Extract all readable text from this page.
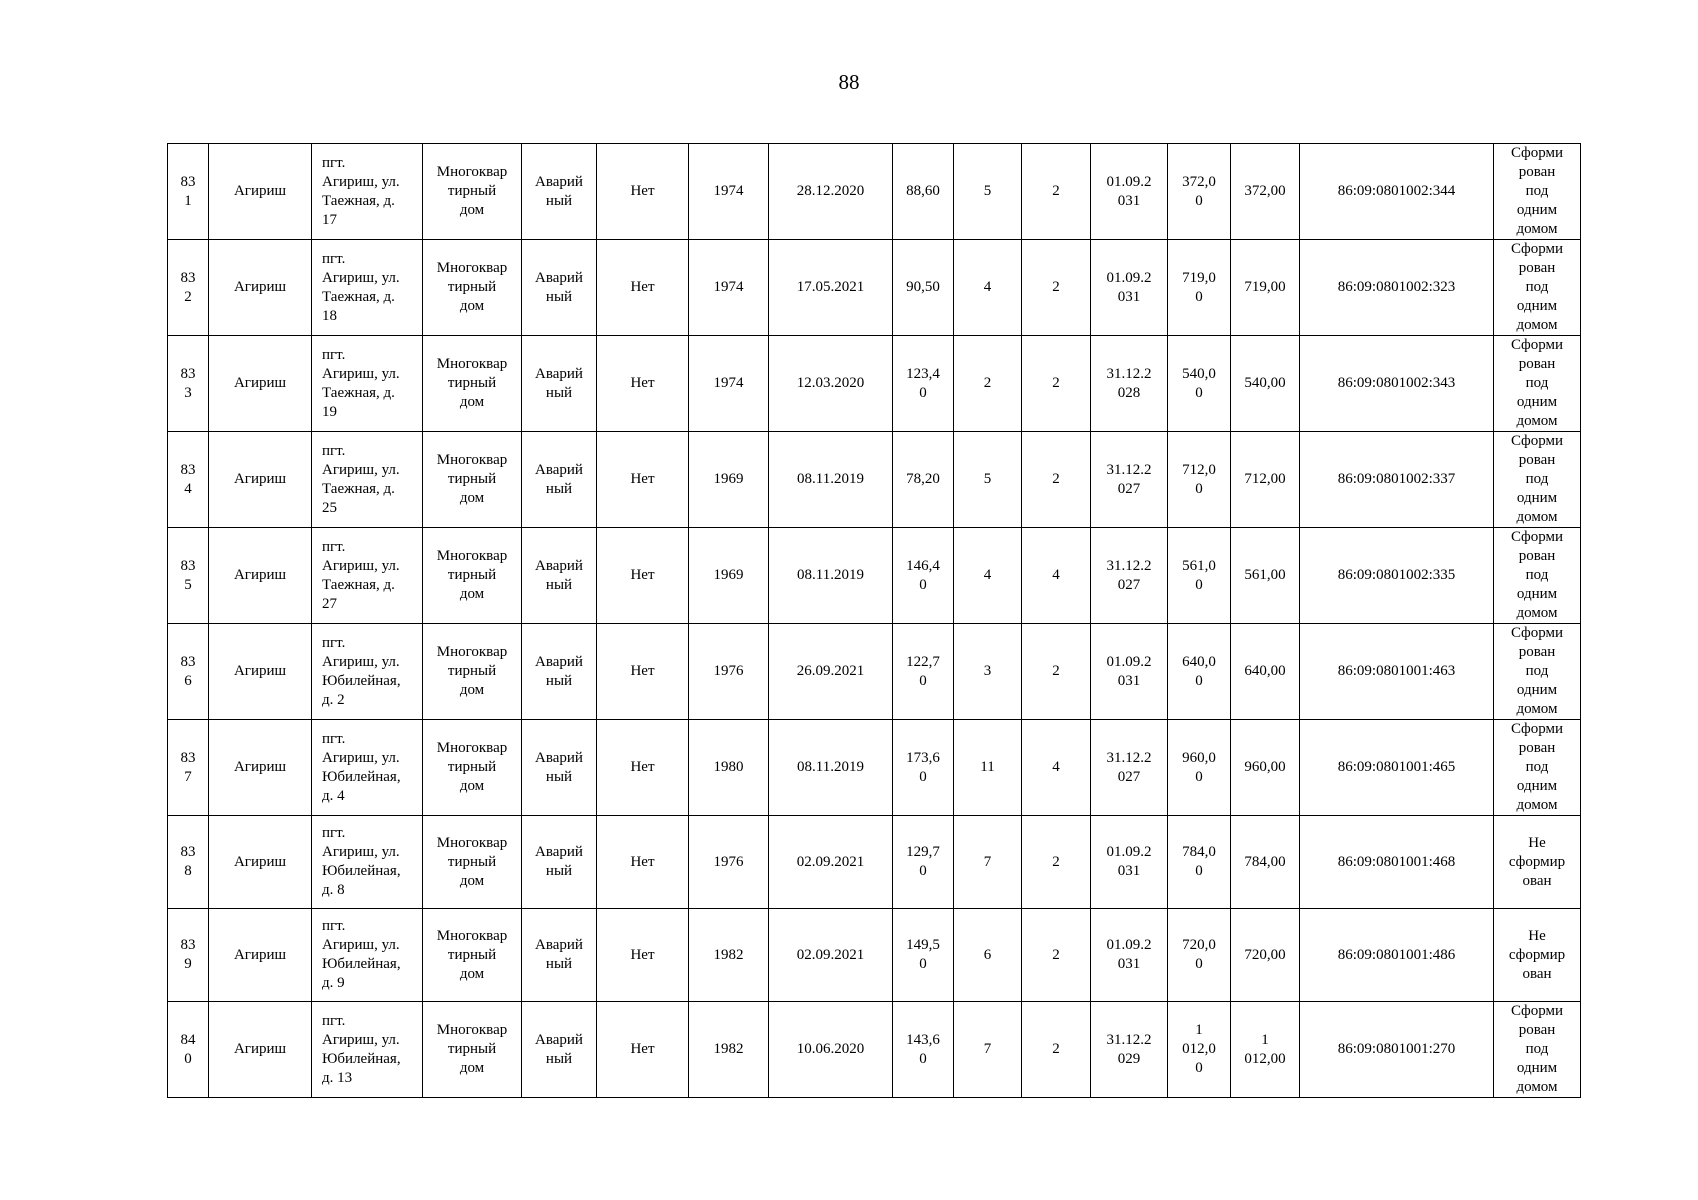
88
83
1	Агириш	пгт.
Агириш, ул.
Таежная, д.
17	Многоквар
тирный
дом	Аварий
ный	Нет	1974	28.12.2020	88,60	5	2	01.09.2
031	372,0
0	372,00	86:09:0801002:344	Сформи
рован
под
одним
домом
83
2	Агириш	пгт.
Агириш, ул.
Таежная, д.
18	Многоквар
тирный
дом	Аварий
ный	Нет	1974	17.05.2021	90,50	4	2	01.09.2
031	719,0
0	719,00	86:09:0801002:323	Сформи
рован
под
одним
домом
83
3	Агириш	пгт.
Агириш, ул.
Таежная, д.
19	Многоквар
тирный
дом	Аварий
ный	Нет	1974	12.03.2020	123,4
0	2	2	31.12.2
028	540,0
0	540,00	86:09:0801002:343	Сформи
рован
под
одним
домом
83
4	Агириш	пгт.
Агириш, ул.
Таежная, д.
25	Многоквар
тирный
дом	Аварий
ный	Нет	1969	08.11.2019	78,20	5	2	31.12.2
027	712,0
0	712,00	86:09:0801002:337	Сформи
рован
под
одним
домом
83
5	Агириш	пгт.
Агириш, ул.
Таежная, д.
27	Многоквар
тирный
дом	Аварий
ный	Нет	1969	08.11.2019	146,4
0	4	4	31.12.2
027	561,0
0	561,00	86:09:0801002:335	Сформи
рован
под
одним
домом
83
6	Агириш	пгт.
Агириш, ул.
Юбилейная,
д. 2	Многоквар
тирный
дом	Аварий
ный	Нет	1976	26.09.2021	122,7
0	3	2	01.09.2
031	640,0
0	640,00	86:09:0801001:463	Сформи
рован
под
одним
домом
83
7	Агириш	пгт.
Агириш, ул.
Юбилейная,
д. 4	Многоквар
тирный
дом	Аварий
ный	Нет	1980	08.11.2019	173,6
0	11	4	31.12.2
027	960,0
0	960,00	86:09:0801001:465	Сформи
рован
под
одним
домом
83
8	Агириш	пгт.
Агириш, ул.
Юбилейная,
д. 8	Многоквар
тирный
дом	Аварий
ный	Нет	1976	02.09.2021	129,7
0	7	2	01.09.2
031	784,0
0	784,00	86:09:0801001:468	Не
сформир
ован
83
9	Агириш	пгт.
Агириш, ул.
Юбилейная,
д. 9	Многоквар
тирный
дом	Аварий
ный	Нет	1982	02.09.2021	149,5
0	6	2	01.09.2
031	720,0
0	720,00	86:09:0801001:486	Не
сформир
ован
84
0	Агириш	пгт.
Агириш, ул.
Юбилейная,
д. 13	Многоквар
тирный
дом	Аварий
ный	Нет	1982	10.06.2020	143,6
0	7	2	31.12.2
029	1
012,0
0	1
012,00	86:09:0801001:270	Сформи
рован
под
одним
домом
